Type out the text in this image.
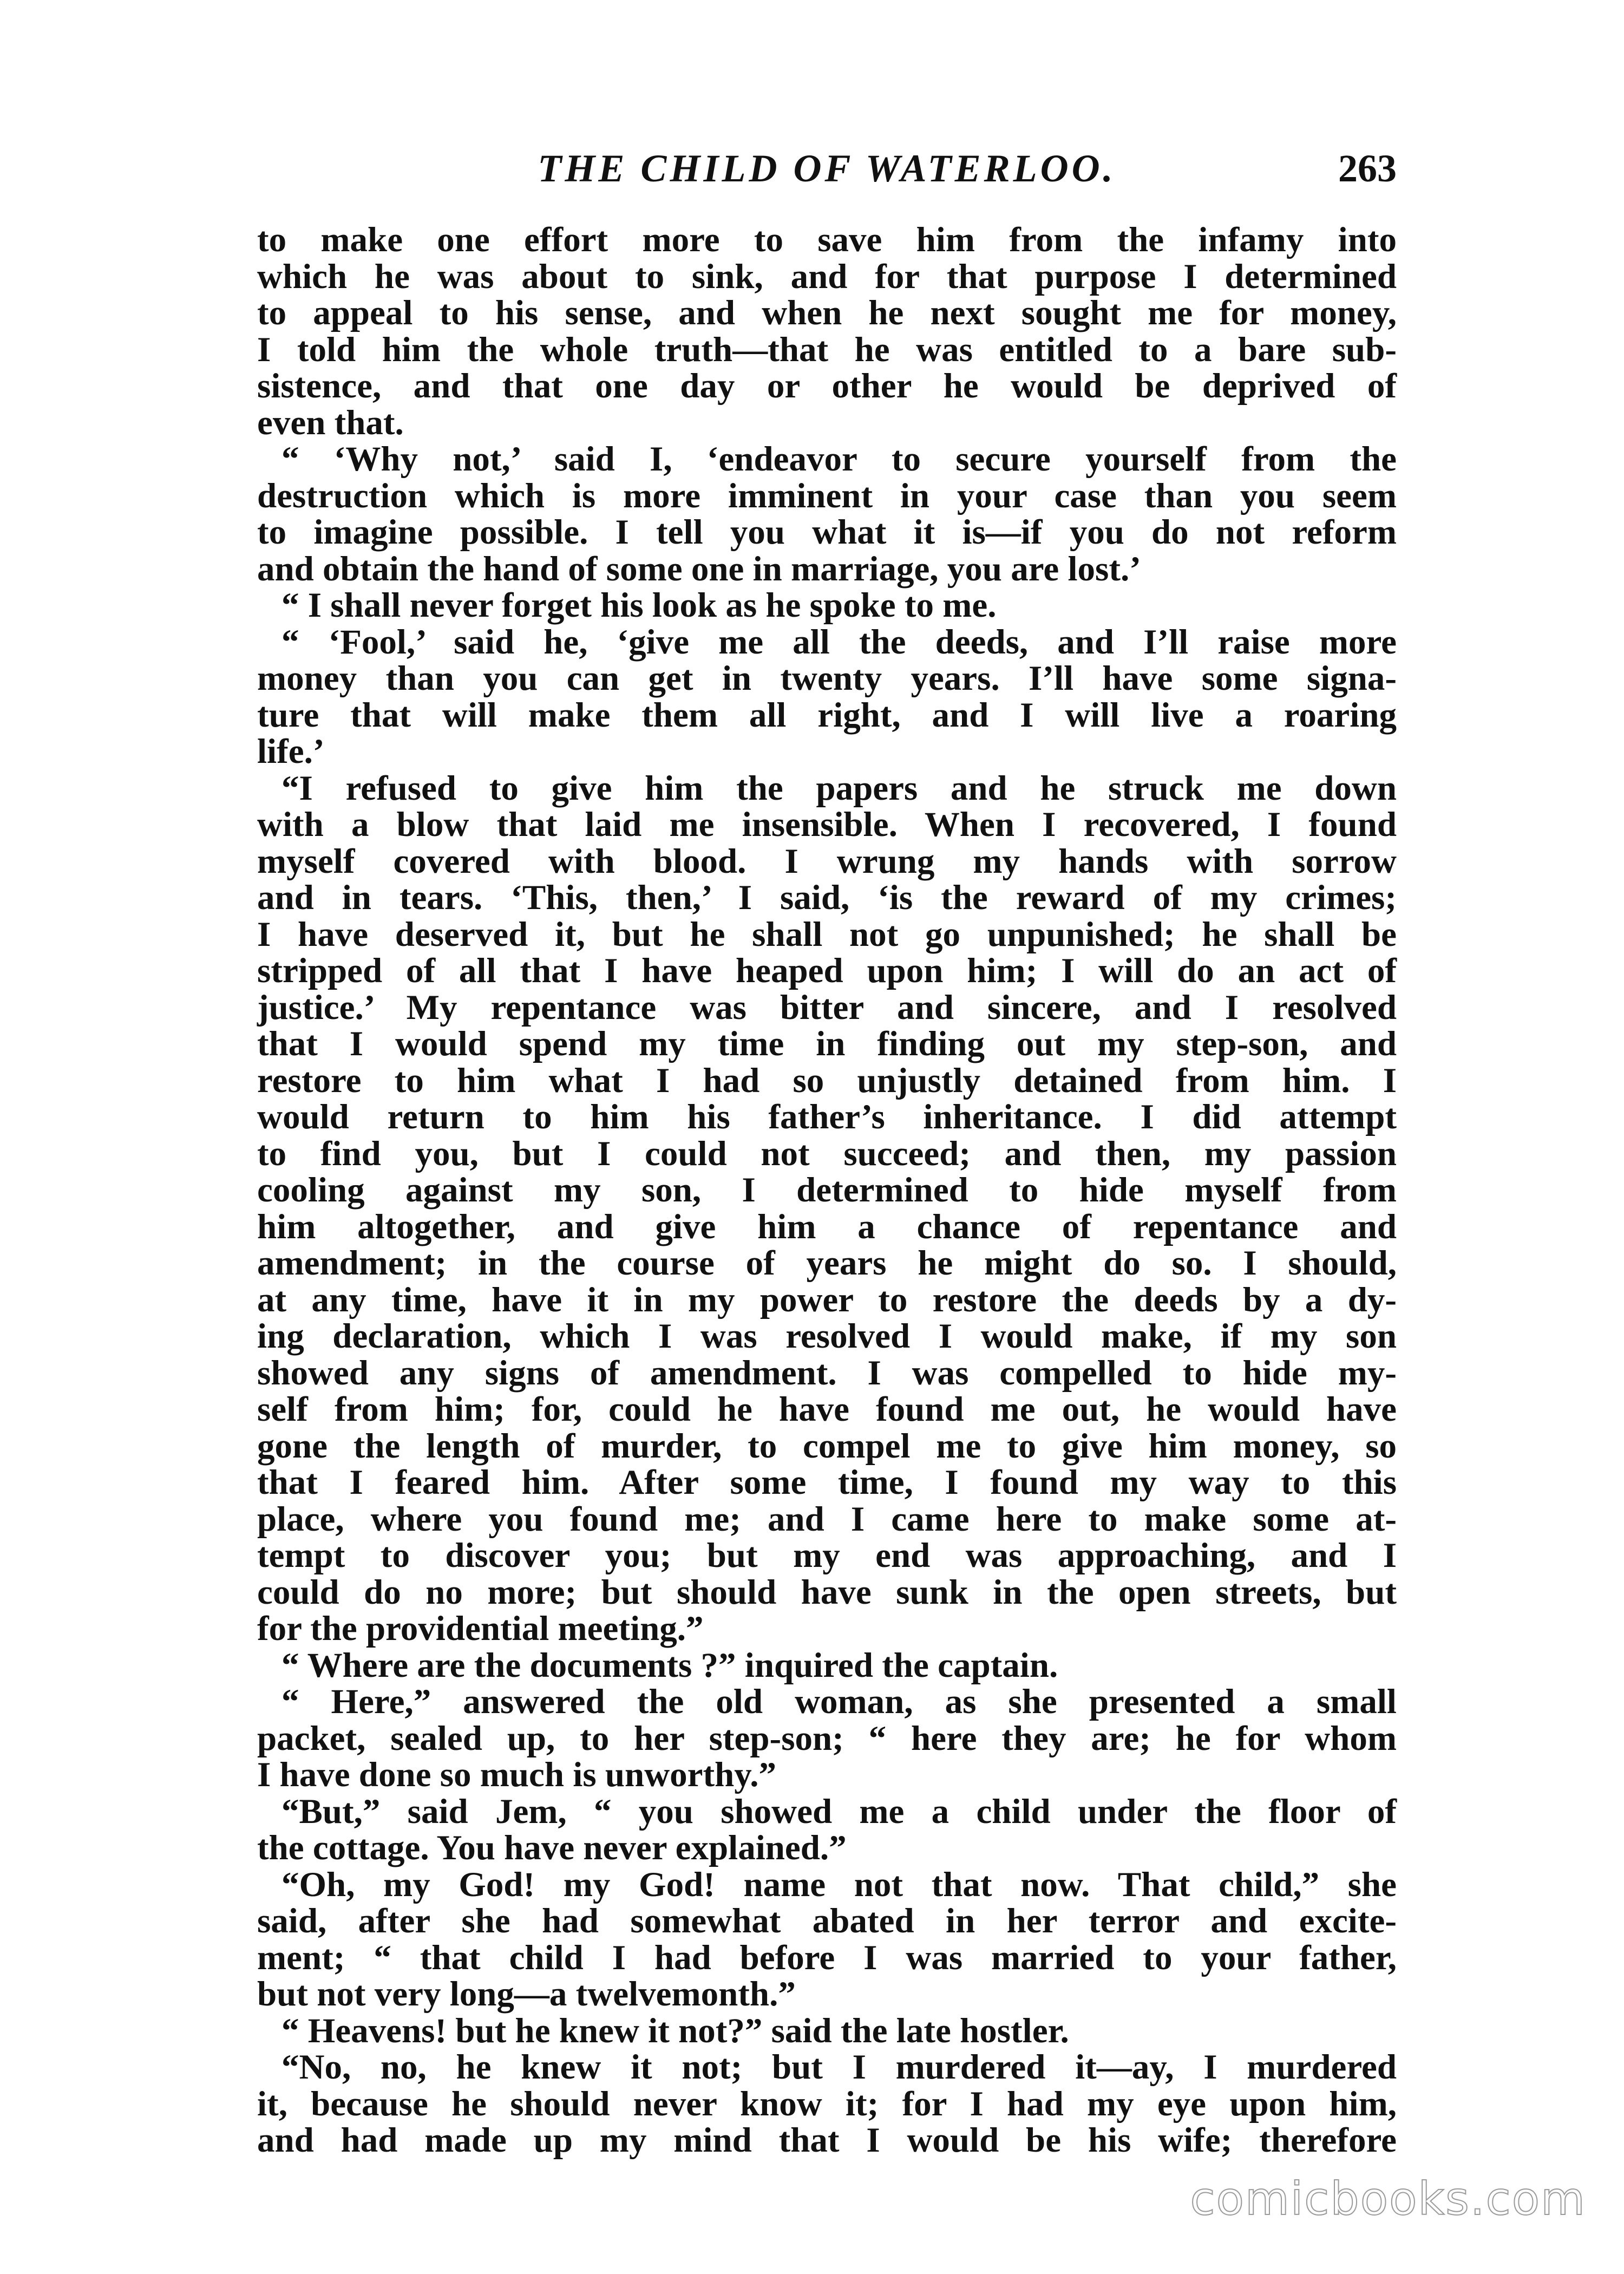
THE CHILD OF WATERLOO.	263
to make one effort more to save him from the infamy into
which he was about to sink, and for that purpose I determined
to appeal to his sense, and when he next sought me for money,
I told him the whole truth—that he was entitled to a bare sub-
sistence, and that one day or other he would be deprived of
even that.
“ ‘Why not,’ said I, ‘endeavor to secure yourself from the
destruction which is more imminent in your case than you seem
to imagine possible. I tell you what it is—if you do not reform
and obtain the hand of some one in marriage, you are lost.’
“ I shall never forget his look as he spoke to me.
“ ‘Fool,’ said he, ‘give me all the deeds, and I’ll raise more
money than you can get in twenty years. I’ll have some signa-
ture that will make them all right, and I will live a roaring
life.’
“I refused to give him the papers and he struck me down
with a blow that laid me insensible. When I recovered, I found
myself covered with blood. I wrung my hands with sorrow
and in tears. ‘This, then,’ I said, ‘is the reward of my crimes;
I have deserved it, but he shall not go unpunished; he shall be
stripped of all that I have heaped upon him; I will do an act of
justice.’ My repentance was bitter and sincere, and I resolved
that I would spend my time in finding out my step-son, and
restore to him what I had so unjustly detained from him. I
would return to him his father’s inheritance. I did attempt
to find you, but I could not succeed; and then, my passion
cooling against my son, I determined to hide myself from
him altogether, and give him a chance of repentance and
amendment; in the course of years he might do so. I should,
at any time, have it in my power to restore the deeds by a dy-
ing declaration, which I was resolved I would make, if my son
showed any signs of amendment. I was compelled to hide my-
self from him; for, could he have found me out, he would have
gone the length of murder, to compel me to give him money, so
that I feared him. After some time, I found my way to this
place, where you found me; and I came here to make some at-
tempt to discover you; but my end was approaching, and I
could do no more; but should have sunk in the open streets, but
for the providential meeting.”
“ Where are the documents ?” inquired the captain.
“ Here,” answered the old woman, as she presented a small
packet, sealed up, to her step-son; “ here they are; he for whom
I have done so much is unworthy.”
“But,” said Jem, “ you showed me a child under the floor of
the cottage. You have never explained.”
“Oh, my God! my God! name not that now. That child,” she
said, after she had somewhat abated in her terror and excite-
ment; “ that child I had before I was married to your father,
but not very long—a twelvemonth.”
“ Heavens! but he knew it not?” said the late hostler.
“No, no, he knew it not; but I murdered it—ay, I murdered
it, because he should never know it; for I had my eye upon him,
and had made up my mind that I would be his wife; therefore
comicbooks.com
